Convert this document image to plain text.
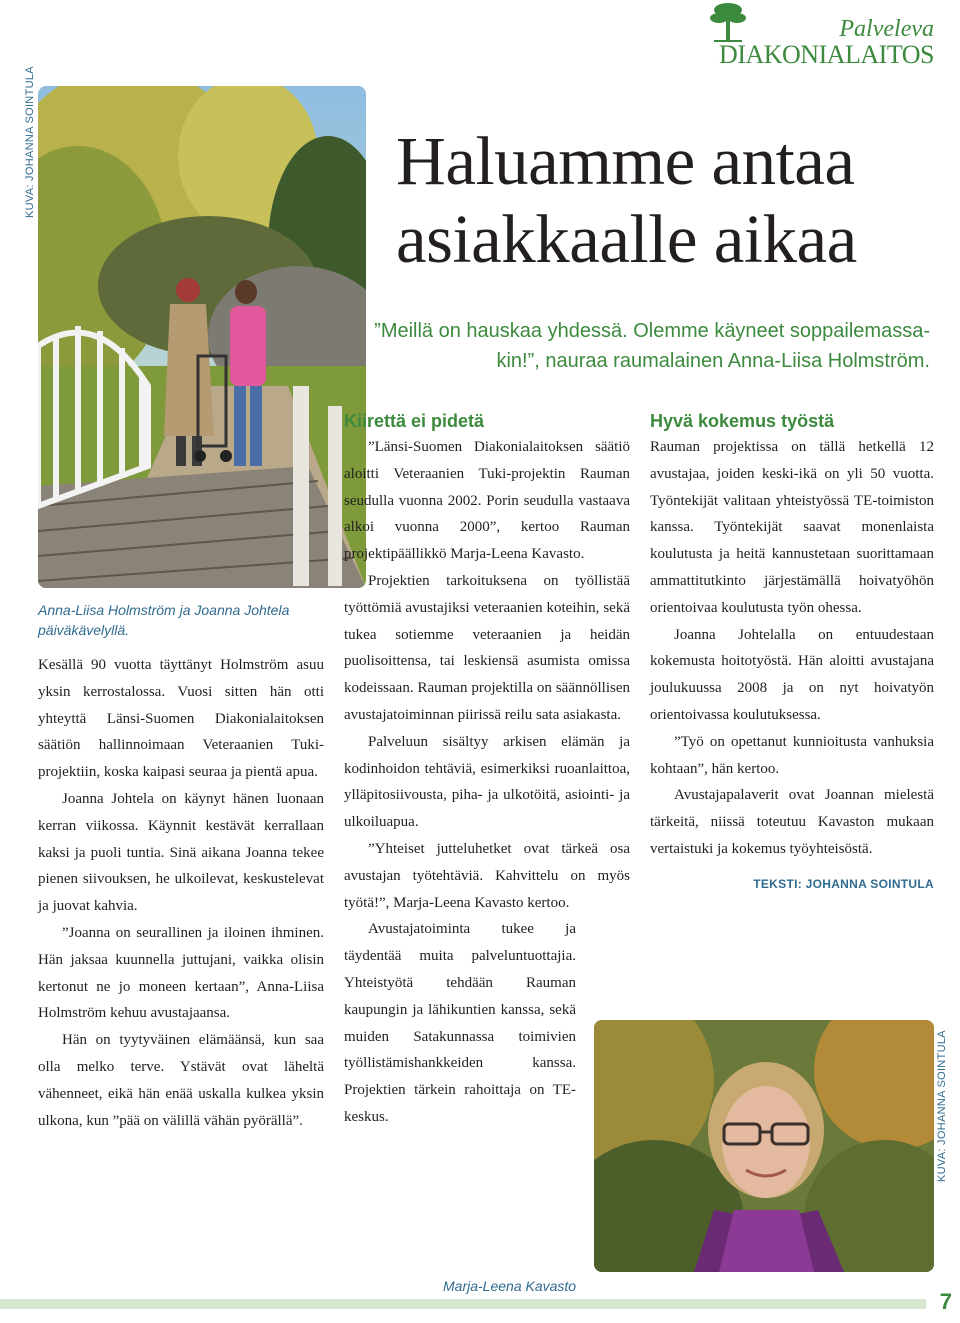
Palveleva
DIAKONIALAITOS
KUVA: JOHANNA SOINTULA
Anna-Liisa Holmström ja Joanna Johtela päiväkävelyllä.
Haluamme antaa
asiakkaalle aikaa
”Meillä on hauskaa yhdessä. Olemme käyneet soppailemassa-
kin!”, nauraa raumalainen Anna-Liisa Holmström.

Kesällä 90 vuotta täyttänyt Holmström asuu yksin kerrostalossa. Vuosi sitten hän otti yhteyttä Länsi-Suomen Diakonialaitoksen säätiön hallinnoimaan Veteraanien Tuki-projektiin, koska kaipasi seuraa ja pientä apua.

Joanna Johtela on käynyt hänen luonaan kerran viikossa. Käynnit kestävät kerrallaan kaksi ja puoli tuntia. Sinä aikana Joanna tekee pienen siivouksen, he ulkoilevat, keskustelevat ja juovat kahvia.

”Joanna on seurallinen ja iloinen ihminen. Hän jaksaa kuunnella juttujani, vaikka olisin kertonut ne jo moneen kertaan”, Anna-Liisa Holmström kehuu avustajaansa.

Hän on tyytyväinen elämäänsä, kun saa olla melko terve. Ystävät ovat läheltä vähenneet, eikä hän enää uskalla kulkea yksin ulkona, kun ”pää on välillä vähän pyörällä”.

Kiirettä ei pidetä

”Länsi-Suomen Diakonialaitoksen säätiö aloitti Veteraanien Tuki-projektin Rauman seudulla vuonna 2002. Porin seudulla vastaava alkoi vuonna 2000”, kertoo Rauman projektipäällikkö Marja-Leena Kavasto.

Projektien tarkoituksena on työllistää työttömiä avustajiksi veteraanien koteihin, sekä tukea sotiemme veteraanien ja heidän puolisoittensa, tai leskiensä asumista omissa kodeissaan. Rauman projektilla on säännöllisen avustajatoiminnan piirissä reilu sata asiakasta.

Palveluun sisältyy arkisen elämän ja kodinhoidon tehtäviä, esimerkiksi ruoanlaittoa, ylläpitosiivousta, piha- ja ulkotöitä, asiointi- ja ulkoiluapua.

”Yhteiset jutteluhetket ovat tärkeä osa avustajan työtehtäviä. Kahvittelu on myös työtä!”, Marja-Leena Kavasto kertoo.

Avustajatoiminta tukee ja täydentää muita palveluntuottajia. Yhteistyötä tehdään Rauman kaupungin ja lähikuntien kanssa, sekä muiden Satakunnassa toimivien työllistämishankkeiden kanssa. Projektien tärkein rahoittaja on TE-keskus.

Hyvä kokemus työstä

Rauman projektissa on tällä hetkellä 12 avustajaa, joiden keski-ikä on yli 50 vuotta. Työntekijät valitaan yhteistyössä TE-toimiston kanssa. Työntekijät saavat monenlaista koulutusta ja heitä kannustetaan suorittamaan ammattitutkinto järjestämällä hoivatyöhön orientoivaa koulutusta työn ohessa.

Joanna Johtelalla on entuudestaan kokemusta hoitotyöstä. Hän aloitti avustajana joulukuussa 2008 ja on nyt hoivatyön orientoivassa koulutuksessa.

”Työ on opettanut kunnioitusta vanhuksia kohtaan”, hän kertoo.

Avustajapalaverit ovat Joannan mielestä tärkeitä, niissä toteutuu Kavaston mukaan vertaistuki ja kokemus työyhteisöstä.

TEKSTI: JOHANNA SOINTULA
KUVA: JOHANNA SOINTULA
Marja-Leena Kavasto
7
